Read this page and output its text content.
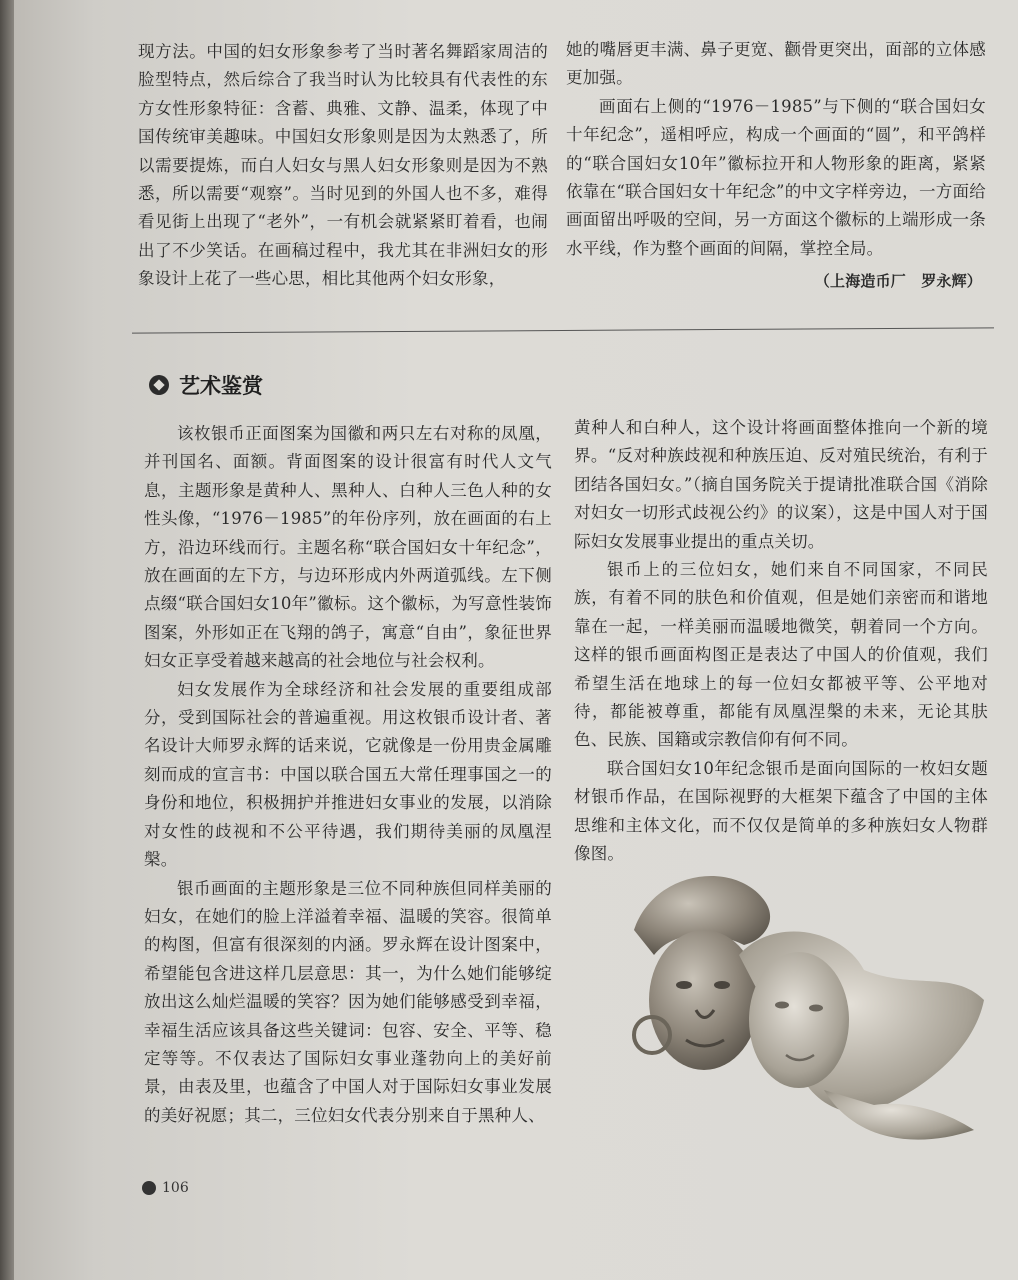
现方法。中国的妇女形象参考了当时著名舞蹈家周洁的脸型特点，然后综合了我当时认为比较具有代表性的东方女性形象特征：含蓄、典雅、文静、温柔，体现了中国传统审美趣味。中国妇女形象则是因为太熟悉了，所以需要提炼，而白人妇女与黑人妇女形象则是因为不熟悉，所以需要“观察”。当时见到的外国人也不多，难得看见街上出现了“老外”，一有机会就紧紧盯着看，也闹出了不少笑话。在画稿过程中，我尤其在非洲妇女的形象设计上花了一些心思，相比其他两个妇女形象，

她的嘴唇更丰满、鼻子更宽、颧骨更突出，面部的立体感更加强。

画面右上侧的“1976－1985”与下侧的“联合国妇女十年纪念”，遥相呼应，构成一个画面的“圆”，和平鸽样的“联合国妇女10年”徽标拉开和人物形象的距离，紧紧依靠在“联合国妇女十年纪念”的中文字样旁边，一方面给画面留出呼吸的空间，另一方面这个徽标的上端形成一条水平线，作为整个画面的间隔，掌控全局。

（上海造币厂　罗永辉）
艺术鉴赏

该枚银币正面图案为国徽和两只左右对称的凤凰，并刊国名、面额。背面图案的设计很富有时代人文气息，主题形象是黄种人、黑种人、白种人三色人种的女性头像，“1976－1985”的年份序列，放在画面的右上方，沿边环线而行。主题名称“联合国妇女十年纪念”，放在画面的左下方，与边环形成内外两道弧线。左下侧点缀“联合国妇女10年”徽标。这个徽标，为写意性装饰图案，外形如正在飞翔的鸽子，寓意“自由”，象征世界妇女正享受着越来越高的社会地位与社会权利。

妇女发展作为全球经济和社会发展的重要组成部分，受到国际社会的普遍重视。用这枚银币设计者、著名设计大师罗永辉的话来说，它就像是一份用贵金属雕刻而成的宣言书：中国以联合国五大常任理事国之一的身份和地位，积极拥护并推进妇女事业的发展，以消除对女性的歧视和不公平待遇，我们期待美丽的凤凰涅槃。

银币画面的主题形象是三位不同种族但同样美丽的妇女，在她们的脸上洋溢着幸福、温暖的笑容。很简单的构图，但富有很深刻的内涵。罗永辉在设计图案中，希望能包含进这样几层意思：其一，为什么她们能够绽放出这么灿烂温暖的笑容？因为她们能够感受到幸福，幸福生活应该具备这些关键词：包容、安全、平等、稳定等等。不仅表达了国际妇女事业蓬勃向上的美好前景，由表及里，也蕴含了中国人对于国际妇女事业发展的美好祝愿；其二，三位妇女代表分别来自于黑种人、

黄种人和白种人，这个设计将画面整体推向一个新的境界。“反对种族歧视和种族压迫、反对殖民统治，有利于团结各国妇女。”（摘自国务院关于提请批准联合国《消除对妇女一切形式歧视公约》的议案），这是中国人对于国际妇女发展事业提出的重点关切。

银币上的三位妇女，她们来自不同国家，不同民族，有着不同的肤色和价值观，但是她们亲密而和谐地靠在一起，一样美丽而温暖地微笑，朝着同一个方向。这样的银币画面构图正是表达了中国人的价值观，我们希望生活在地球上的每一位妇女都被平等、公平地对待，都能被尊重，都能有凤凰涅槃的未来，无论其肤色、民族、国籍或宗教信仰有何不同。

联合国妇女10年纪念银币是面向国际的一枚妇女题材银币作品，在国际视野的大框架下蕴含了中国的主体思维和主体文化，而不仅仅是简单的多种族妇女人物群像图。

106
